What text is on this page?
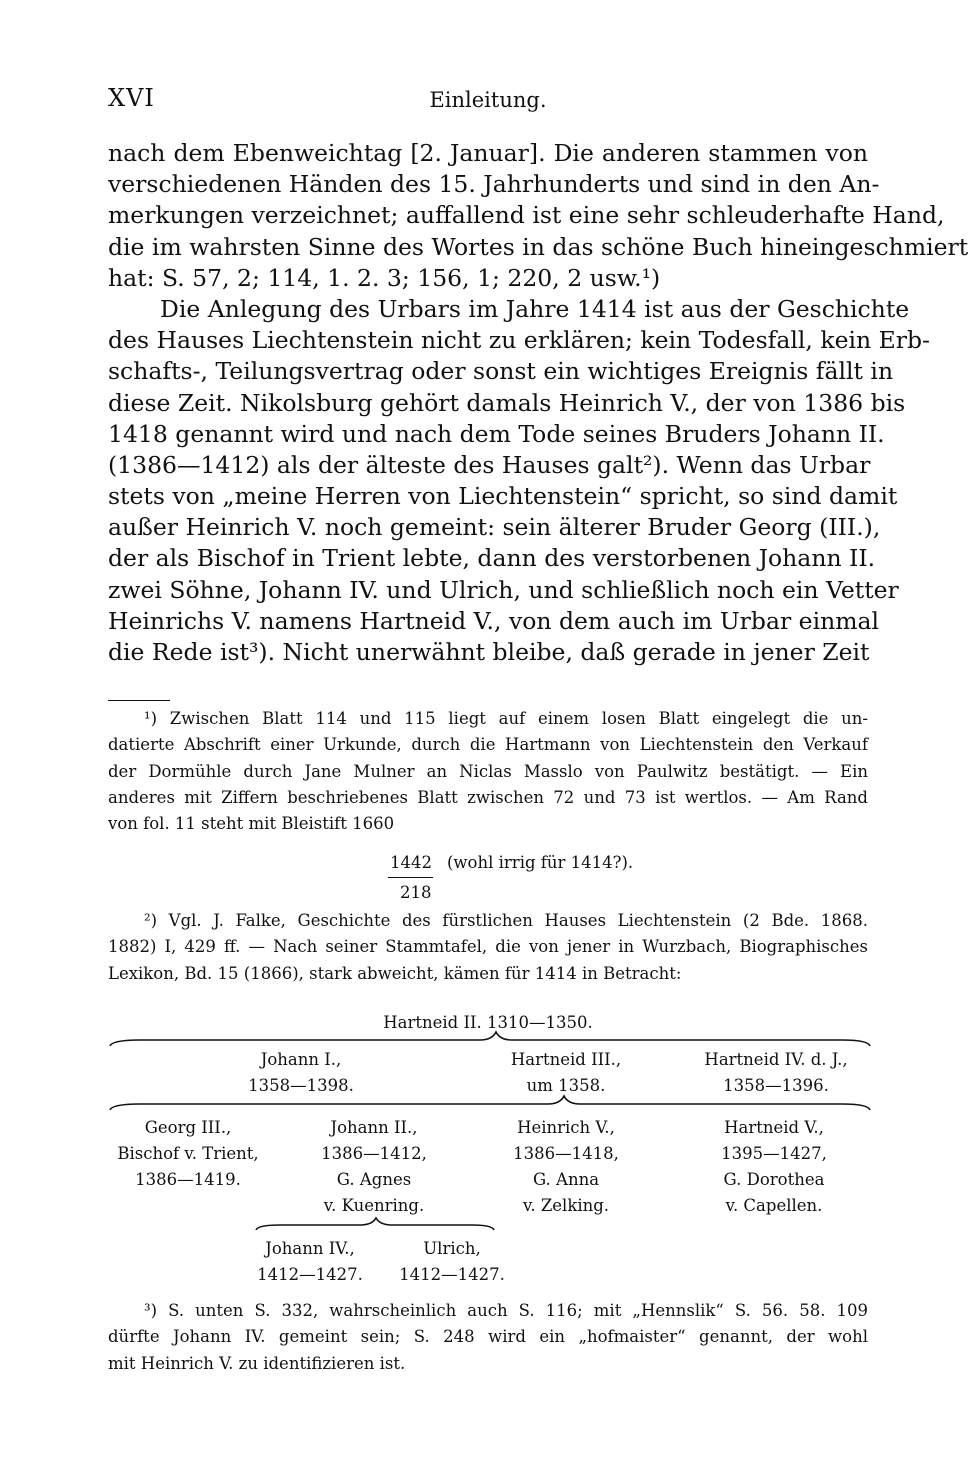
XVI	Einleitung.
nach dem Ebenweichtag [2. Januar]. Die anderen stammen von
verschiedenen Händen des 15. Jahrhunderts und sind in den An-
merkungen verzeichnet; auffallend ist eine sehr schleuderhafte Hand,
die im wahrsten Sinne des Wortes in das schöne Buch hineingeschmiert
hat: S. 57, 2; 114, 1. 2. 3; 156, 1; 220, 2 usw.¹)
Die Anlegung des Urbars im Jahre 1414 ist aus der Geschichte
des Hauses Liechtenstein nicht zu erklären; kein Todesfall, kein Erb-
schafts-, Teilungsvertrag oder sonst ein wichtiges Ereignis fällt in
diese Zeit. Nikolsburg gehört damals Heinrich V., der von 1386 bis
1418 genannt wird und nach dem Tode seines Bruders Johann II.
(1386—1412) als der älteste des Hauses galt²). Wenn das Urbar
stets von „meine Herren von Liechtenstein“ spricht, so sind damit
außer Heinrich V. noch gemeint: sein älterer Bruder Georg (III.),
der als Bischof in Trient lebte, dann des verstorbenen Johann II.
zwei Söhne, Johann IV. und Ulrich, und schließlich noch ein Vetter
Heinrichs V. namens Hartneid V., von dem auch im Urbar einmal
die Rede ist³). Nicht unerwähnt bleibe, daß gerade in jener Zeit
¹) Zwischen Blatt 114 und 115 liegt auf einem losen Blatt eingelegt die un-
datierte Abschrift einer Urkunde, durch die Hartmann von Liechtenstein den Verkauf
der Dormühle durch Jane Mulner an Niclas Masslo von Paulwitz bestätigt. — Ein
anderes mit Ziffern beschriebenes Blatt zwischen 72 und 73 ist wertlos. — Am Rand
von fol. 11 steht mit Bleistift 1660
1442 (wohl irrig für 1414?).
218
²) Vgl. J. Falke, Geschichte des fürstlichen Hauses Liechtenstein (2 Bde. 1868.
1882) I, 429 ff. — Nach seiner Stammtafel, die von jener in Wurzbach, Biographisches
Lexikon, Bd. 15 (1866), stark abweicht, kämen für 1414 in Betracht:
Hartneid II. 1310—1350.
Johann I.,
1358—1398.
Hartneid III.,
um 1358.
Hartneid IV. d. J.,
1358—1396.
Georg III.,
Bischof v. Trient,
1386—1419.
Johann II.,
1386—1412,
G. Agnes
v. Kuenring.
Heinrich V.,
1386—1418,
G. Anna
v. Zelking.
Hartneid V.,
1395—1427,
G. Dorothea
v. Capellen.
Johann IV.,
1412—1427.
Ulrich,
1412—1427.
³) S. unten S. 332, wahrscheinlich auch S. 116; mit „Hennslik“ S. 56. 58. 109
dürfte Johann IV. gemeint sein; S. 248 wird ein „hofmaister“ genannt, der wohl
mit Heinrich V. zu identifizieren ist.
